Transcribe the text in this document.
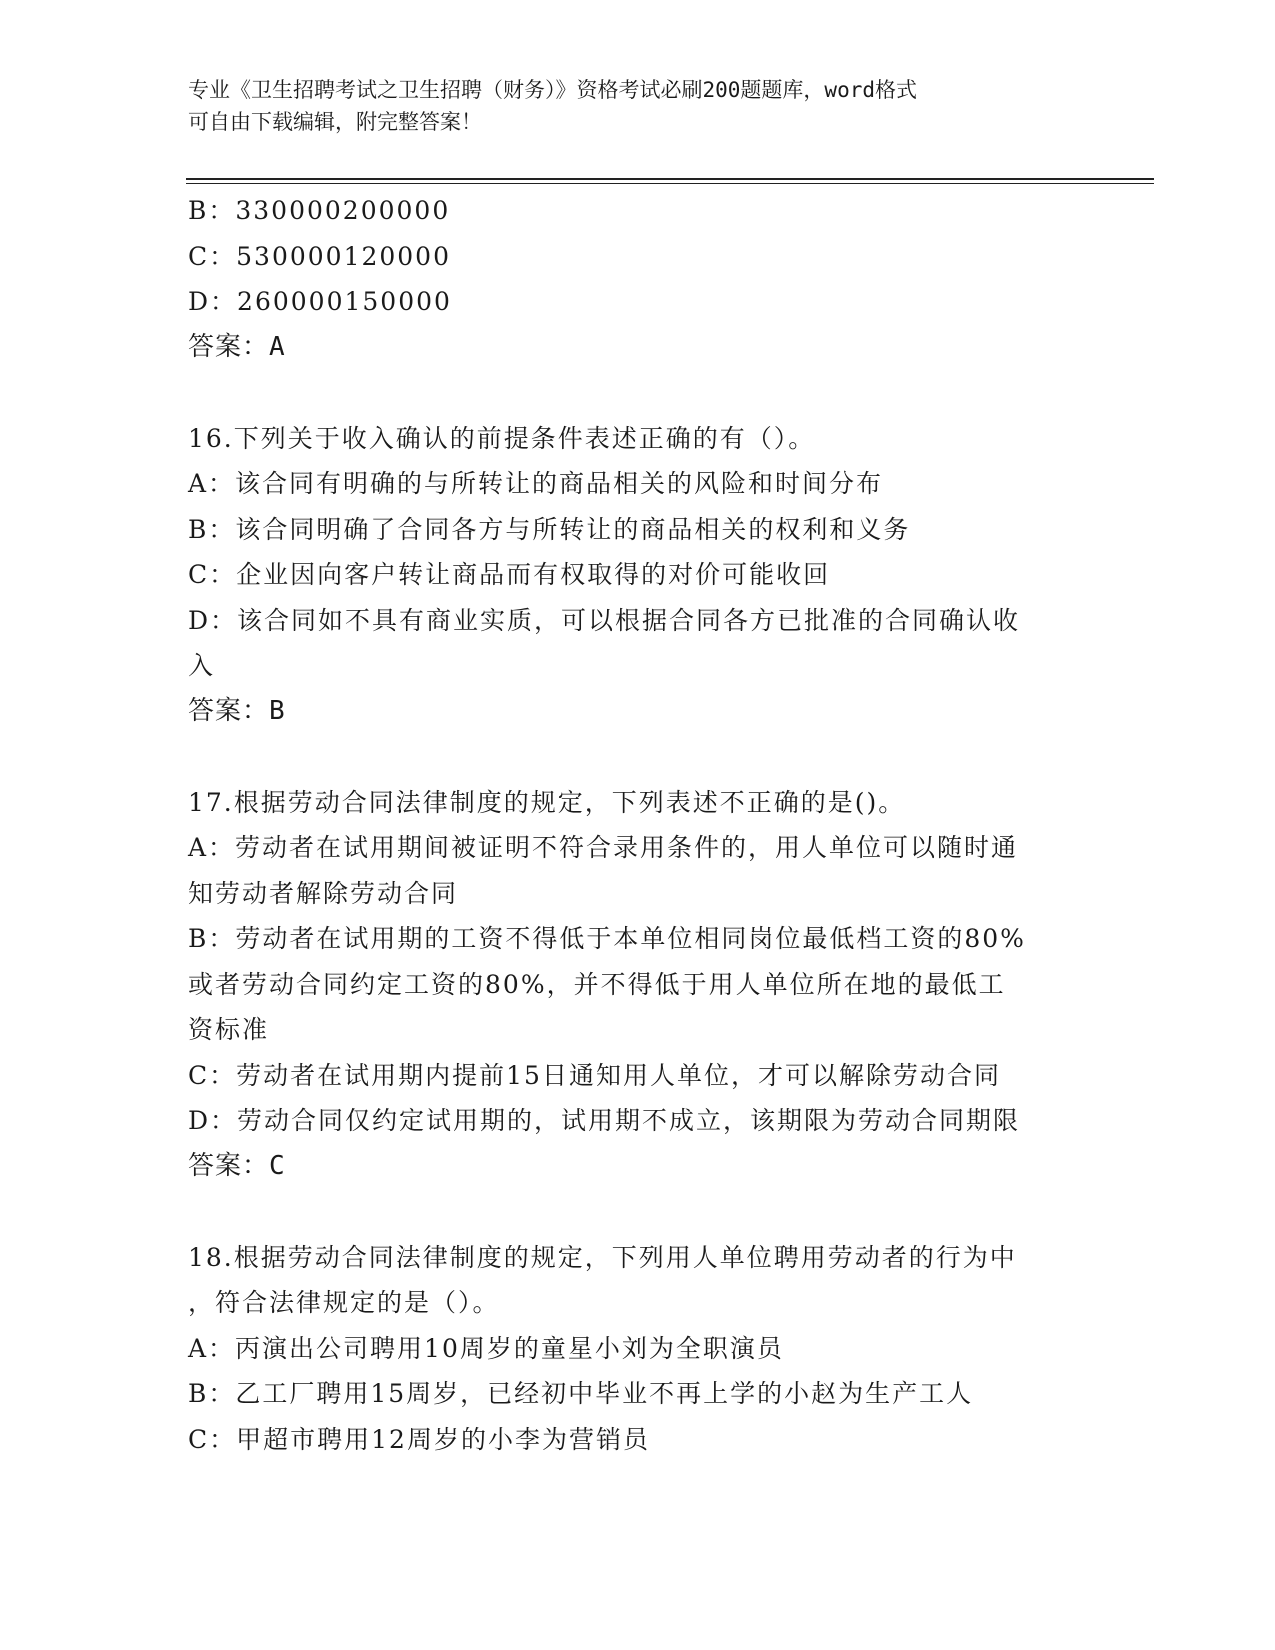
专业《卫生招聘考试之卫生招聘（财务）》资格考试必刷200题题库，word格式
可自由下载编辑，附完整答案！
B：330000200000
C：530000120000
D：260000150000
答案：A
16.下列关于收入确认的前提条件表述正确的有（）。
A：该合同有明确的与所转让的商品相关的风险和时间分布
B：该合同明确了合同各方与所转让的商品相关的权利和义务
C：企业因向客户转让商品而有权取得的对价可能收回
D：该合同如不具有商业实质，可以根据合同各方已批准的合同确认收
入
答案：B
17.根据劳动合同法律制度的规定，下列表述不正确的是()。
A：劳动者在试用期间被证明不符合录用条件的，用人单位可以随时通
知劳动者解除劳动合同
B：劳动者在试用期的工资不得低于本单位相同岗位最低档工资的80%
或者劳动合同约定工资的80%，并不得低于用人单位所在地的最低工
资标准
C：劳动者在试用期内提前15日通知用人单位，才可以解除劳动合同
D：劳动合同仅约定试用期的，试用期不成立，该期限为劳动合同期限
答案：C
18.根据劳动合同法律制度的规定，下列用人单位聘用劳动者的行为中
，符合法律规定的是（）。
A：丙演出公司聘用10周岁的童星小刘为全职演员
B：乙工厂聘用15周岁，已经初中毕业不再上学的小赵为生产工人
C：甲超市聘用12周岁的小李为营销员
